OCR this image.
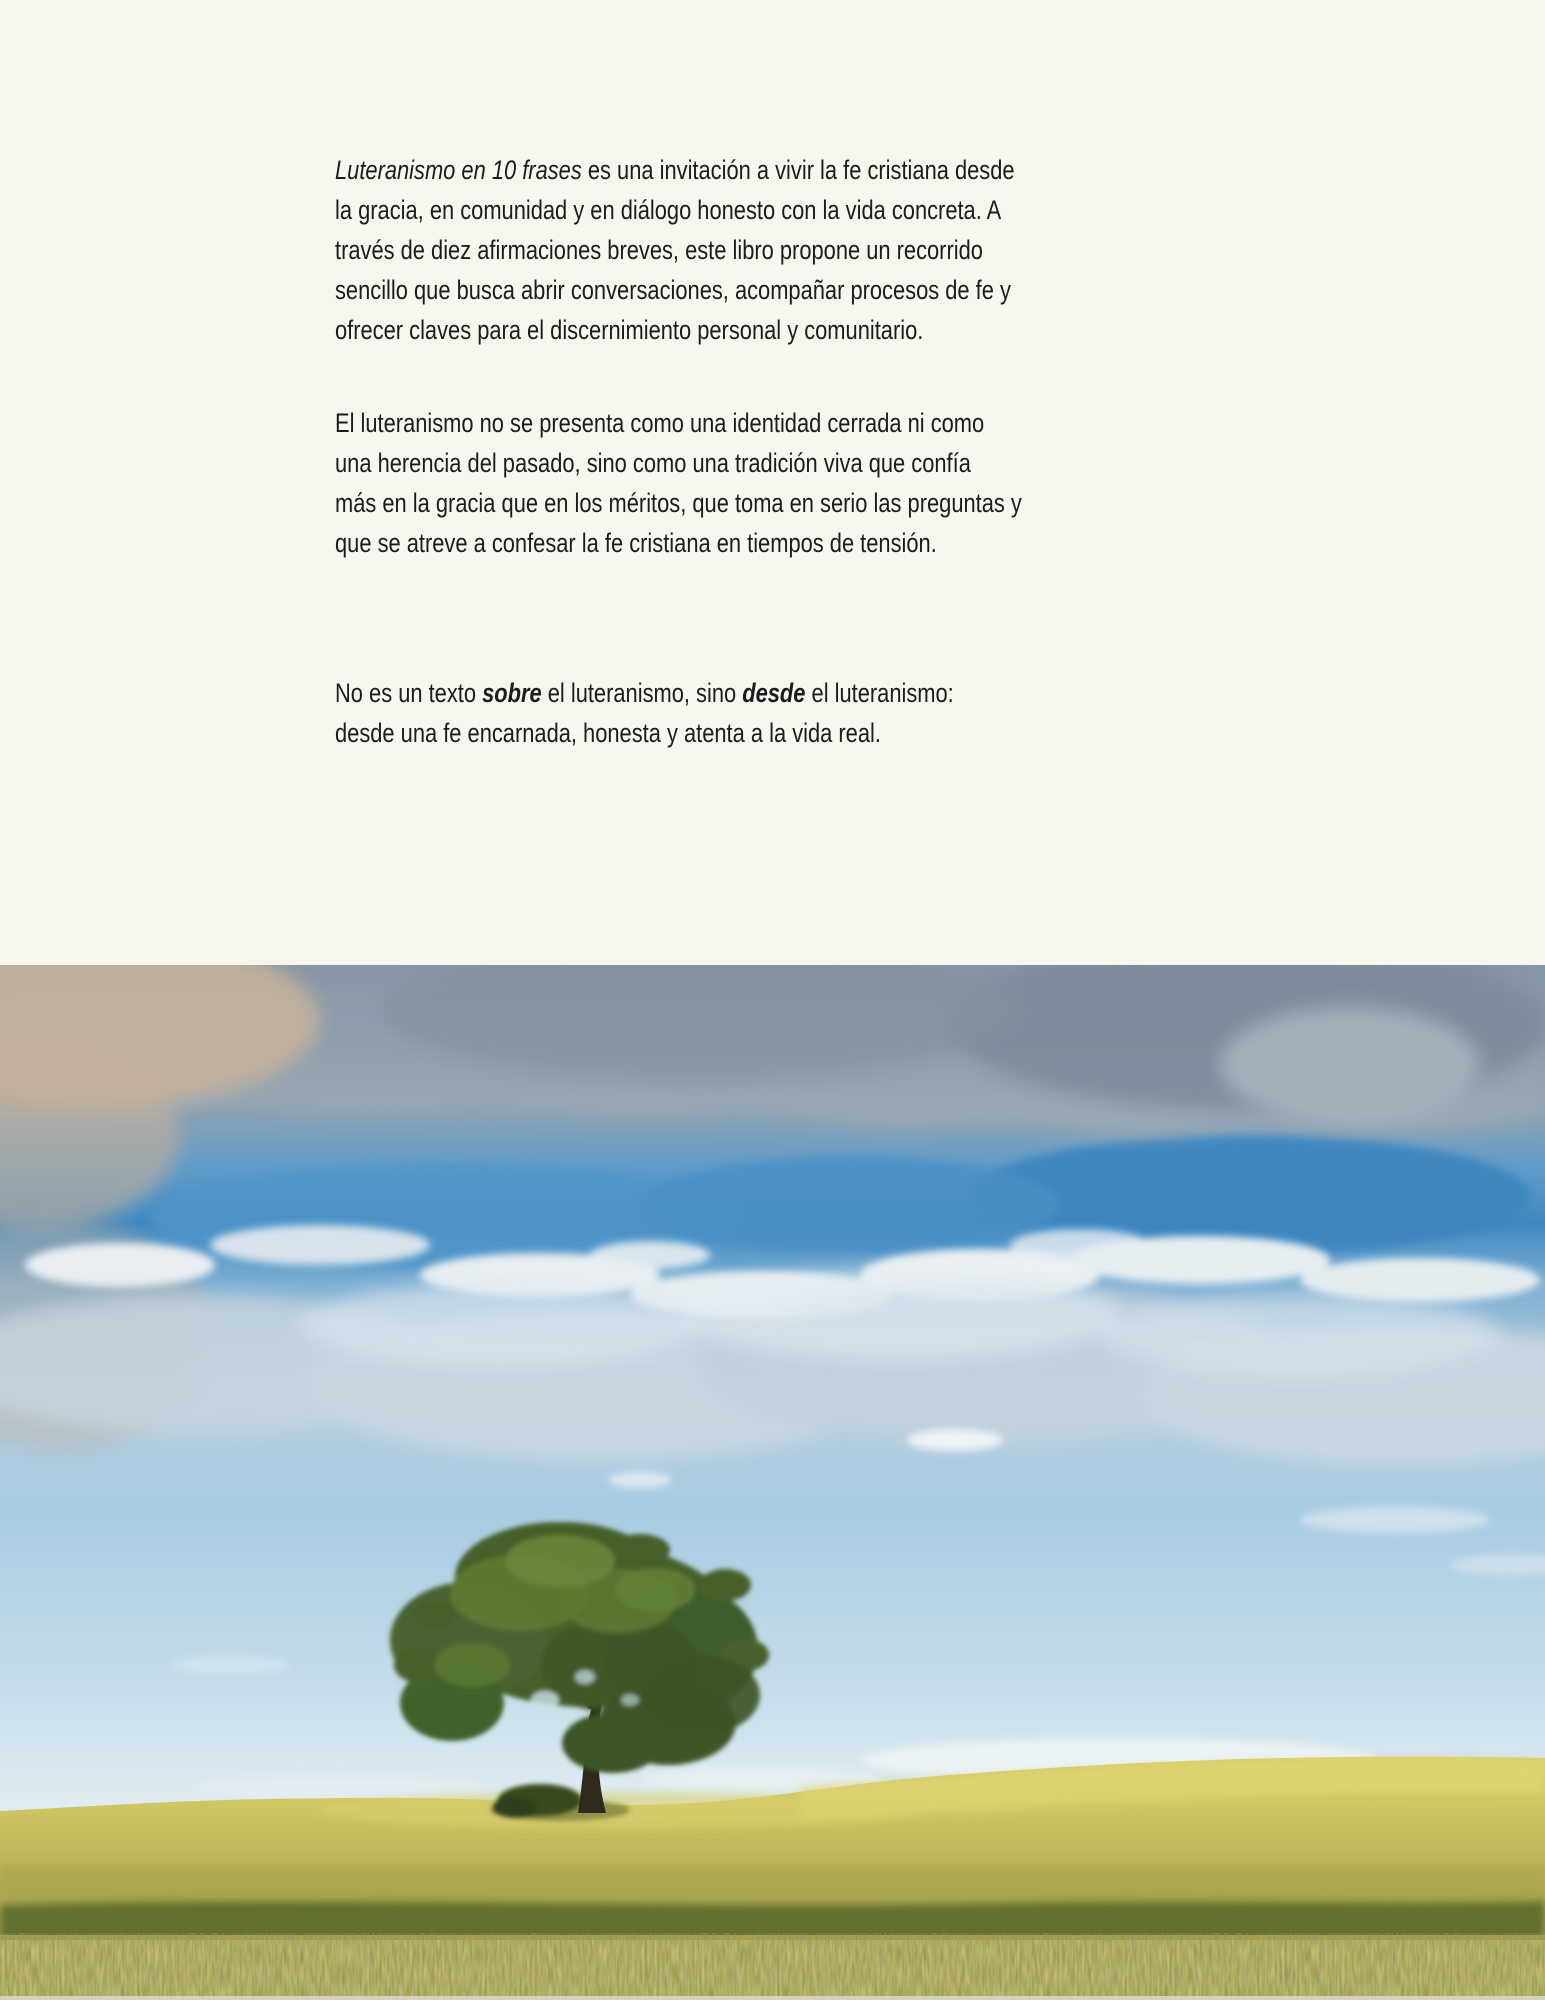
Luteranismo en 10 frases es una invitación a vivir la fe cristiana desde
la gracia, en comunidad y en diálogo honesto con la vida concreta. A
través de diez afirmaciones breves, este libro propone un recorrido
sencillo que busca abrir conversaciones, acompañar procesos de fe y
ofrecer claves para el discernimiento personal y comunitario.

El luteranismo no se presenta como una identidad cerrada ni como
una herencia del pasado, sino como una tradición viva que confía
más en la gracia que en los méritos, que toma en serio las preguntas y
que se atreve a confesar la fe cristiana en tiempos de tensión.

No es un texto sobre el luteranismo, sino desde el luteranismo:
desde una fe encarnada, honesta y atenta a la vida real.
